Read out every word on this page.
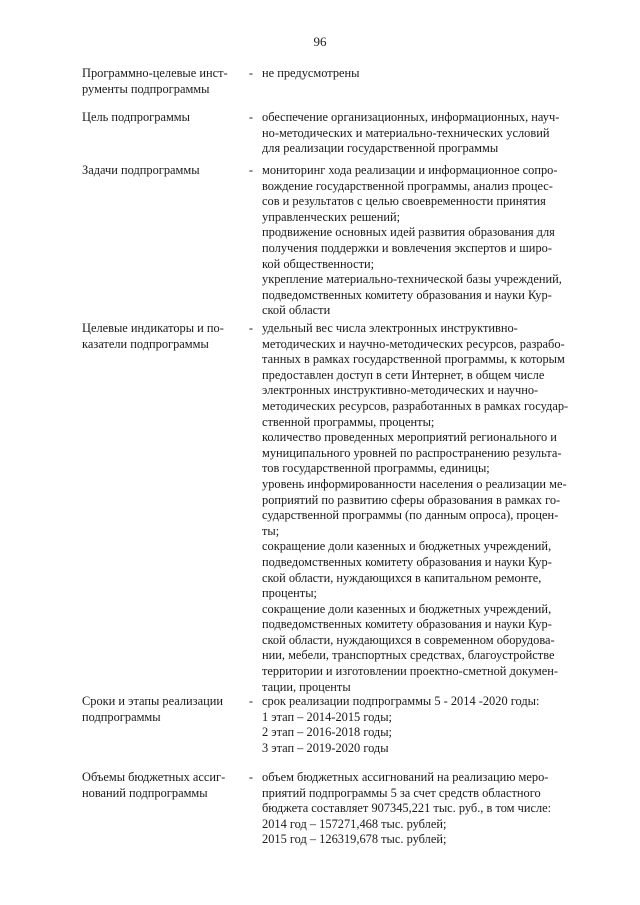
96
Программно-целевые инст-
рументы подпрограммы
- не предусмотрены
Цель подпрограммы	- обеспечение организационных, информационных, науч-
но-методических и материально-технических условий
для реализации государственной программы
Задачи подпрограммы	- мониторинг хода реализации и информационное сопро-
вождение государственной программы, анализ процес-
сов и результатов с целью своевременности принятия
управленческих решений;
продвижение основных идей развития образования для
получения поддержки и вовлечения экспертов и широ-
кой общественности;
укрепление материально-технической базы учреждений,
подведомственных комитету образования и науки Кур-
ской области
Целевые индикаторы и по-
казатели подпрограммы
- удельный вес числа электронных инструктивно-
методических и научно-методических ресурсов, разрабо-
танных в рамках государственной программы, к которым
предоставлен доступ в сети Интернет, в общем числе
электронных инструктивно-методических и научно-
методических ресурсов, разработанных в рамках государ-
ственной программы, проценты;
количество проведенных мероприятий регионального и
муниципального уровней по распространению результа-
тов государственной программы, единицы;
уровень информированности населения о реализации ме-
роприятий по развитию сферы образования в рамках го-
сударственной программы (по данным опроса), процен-
ты;
сокращение доли казенных и бюджетных учреждений,
подведомственных комитету образования и науки Кур-
ской области, нуждающихся в капитальном ремонте,
проценты;
сокращение доли казенных и бюджетных учреждений,
подведомственных комитету образования и науки Кур-
ской области, нуждающихся в современном оборудова-
нии, мебели, транспортных средствах, благоустройстве
территории и изготовлении проектно-сметной докумен-
тации, проценты
Сроки и этапы реализации
подпрограммы
- срок реализации подпрограммы 5 - 2014 -2020 годы:
1 этап – 2014-2015 годы;
2 этап – 2016-2018 годы;
3 этап – 2019-2020 годы
Объемы бюджетных ассиг-
нований подпрограммы
- объем бюджетных ассигнований на реализацию меро-
приятий подпрограммы 5 за счет средств областного
бюджета составляет 907345,221 тыс. руб., в том числе:
2014 год – 157271,468 тыс. рублей;
2015 год – 126319,678 тыс. рублей;
